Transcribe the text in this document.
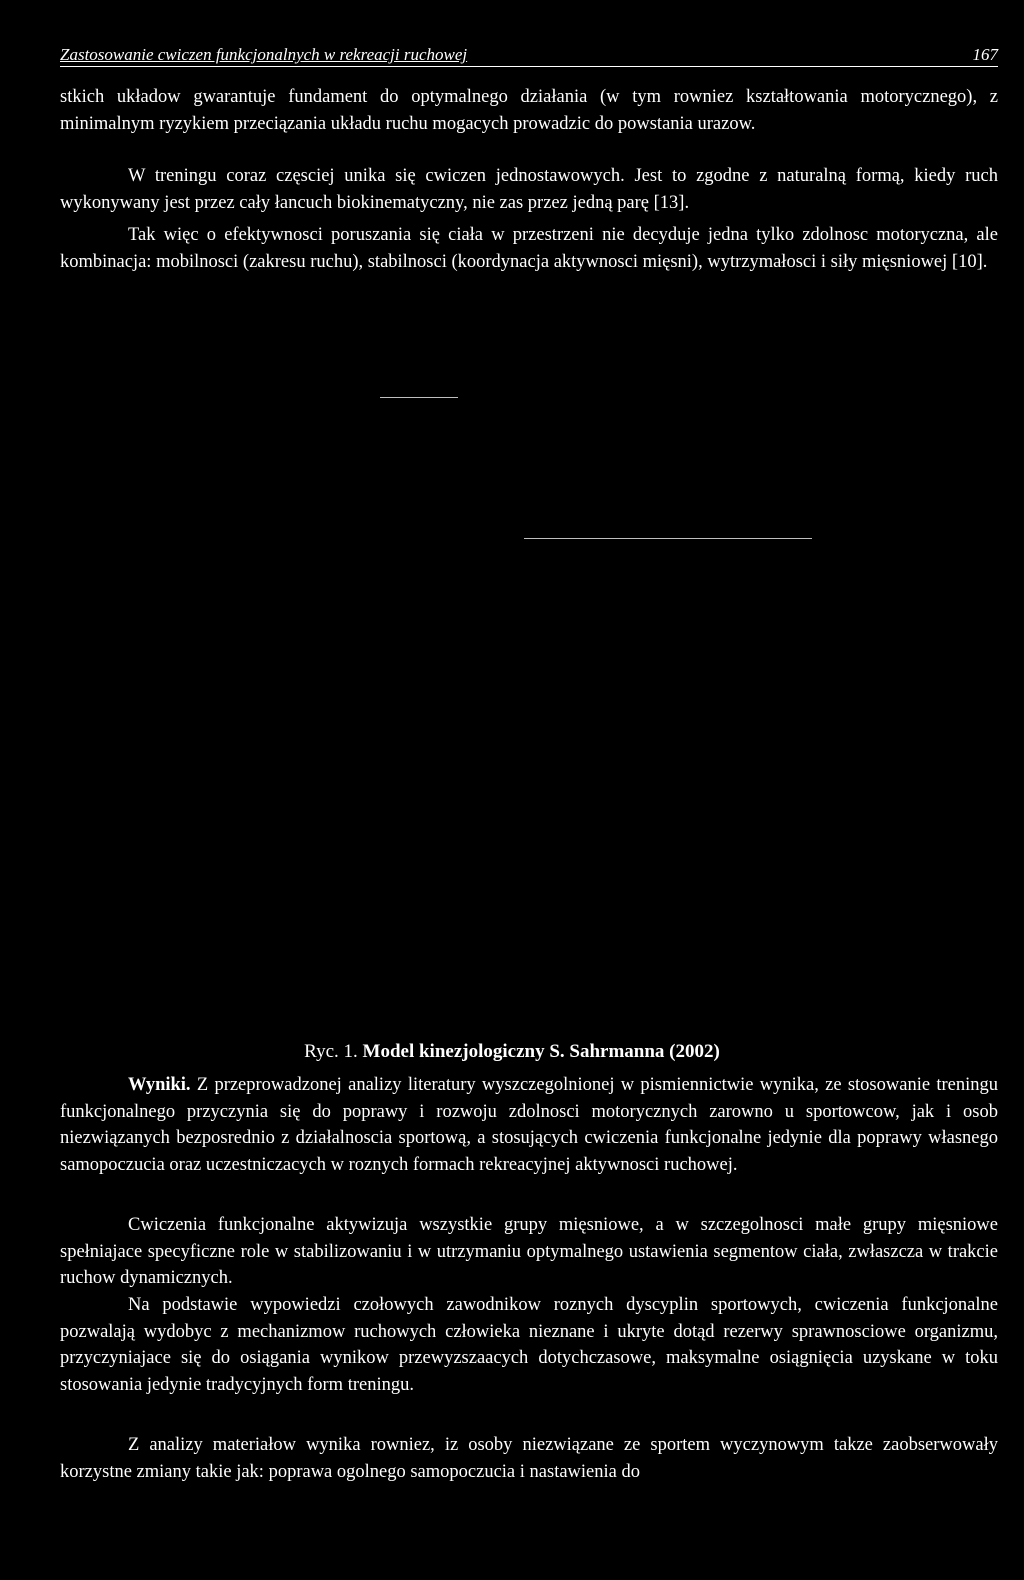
Zastosowanie cwiczen funkcjonalnych w rekreacji ruchowej	167

stkich układow gwarantuje fundament do optymalnego działania (w tym rowniez kształtowania motorycznego), z minimalnym ryzykiem przeciązania układu ruchu mogacych prowadzic do powstania urazow.

W treningu coraz częsciej unika się cwiczen jednostawowych. Jest to zgodne z naturalną formą, kiedy ruch wykonywany jest przez cały łancuch biokinematyczny, nie zas przez jedną parę [13].

Tak więc o efektywnosci poruszania się ciała w przestrzeni nie decyduje jedna tylko zdolnosc motoryczna, ale kombinacja: mobilnosci (zakresu ruchu), stabilnosci (koordynacja aktywnosci mięsni), wytrzymałosci i siły mięsniowej [10].

Ryc. 1. Model kinezjologiczny S. Sahrmanna (2002)

Wyniki. Z przeprowadzonej analizy literatury wyszczegolnionej w pismiennictwie wynika, ze stosowanie treningu funkcjonalnego przyczynia się do poprawy i rozwoju zdolnosci motorycznych zarowno u sportowcow, jak i osob niezwiązanych bezposrednio z działalnoscia sportową, a stosujących cwiczenia funkcjonalne jedynie dla poprawy własnego samopoczucia oraz uczestniczacych w roznych formach rekreacyjnej aktywnosci ruchowej.

Cwiczenia funkcjonalne aktywizuja wszystkie grupy mięsniowe, a w szczegolnosci małe grupy mięsniowe spełniajace specyficzne role w stabilizowaniu i w utrzymaniu optymalnego ustawienia segmentow ciała, zwłaszcza w trakcie ruchow dynamicznych.

Na podstawie wypowiedzi czołowych zawodnikow roznych dyscyplin sportowych, cwiczenia funkcjonalne pozwalają wydobyc z mechanizmow ruchowych człowieka nieznane i ukryte dotąd rezerwy sprawnosciowe organizmu, przyczyniajace się do osiągania wynikow przewyzszaacych dotychczasowe, maksymalne osiągnięcia uzyskane w toku stosowania jedynie tradycyjnych form treningu.

Z analizy materiałow wynika rowniez, iz osoby niezwiązane ze sportem wyczynowym takze zaobserwowały korzystne zmiany takie jak: poprawa ogolnego samopoczucia i nastawienia do
